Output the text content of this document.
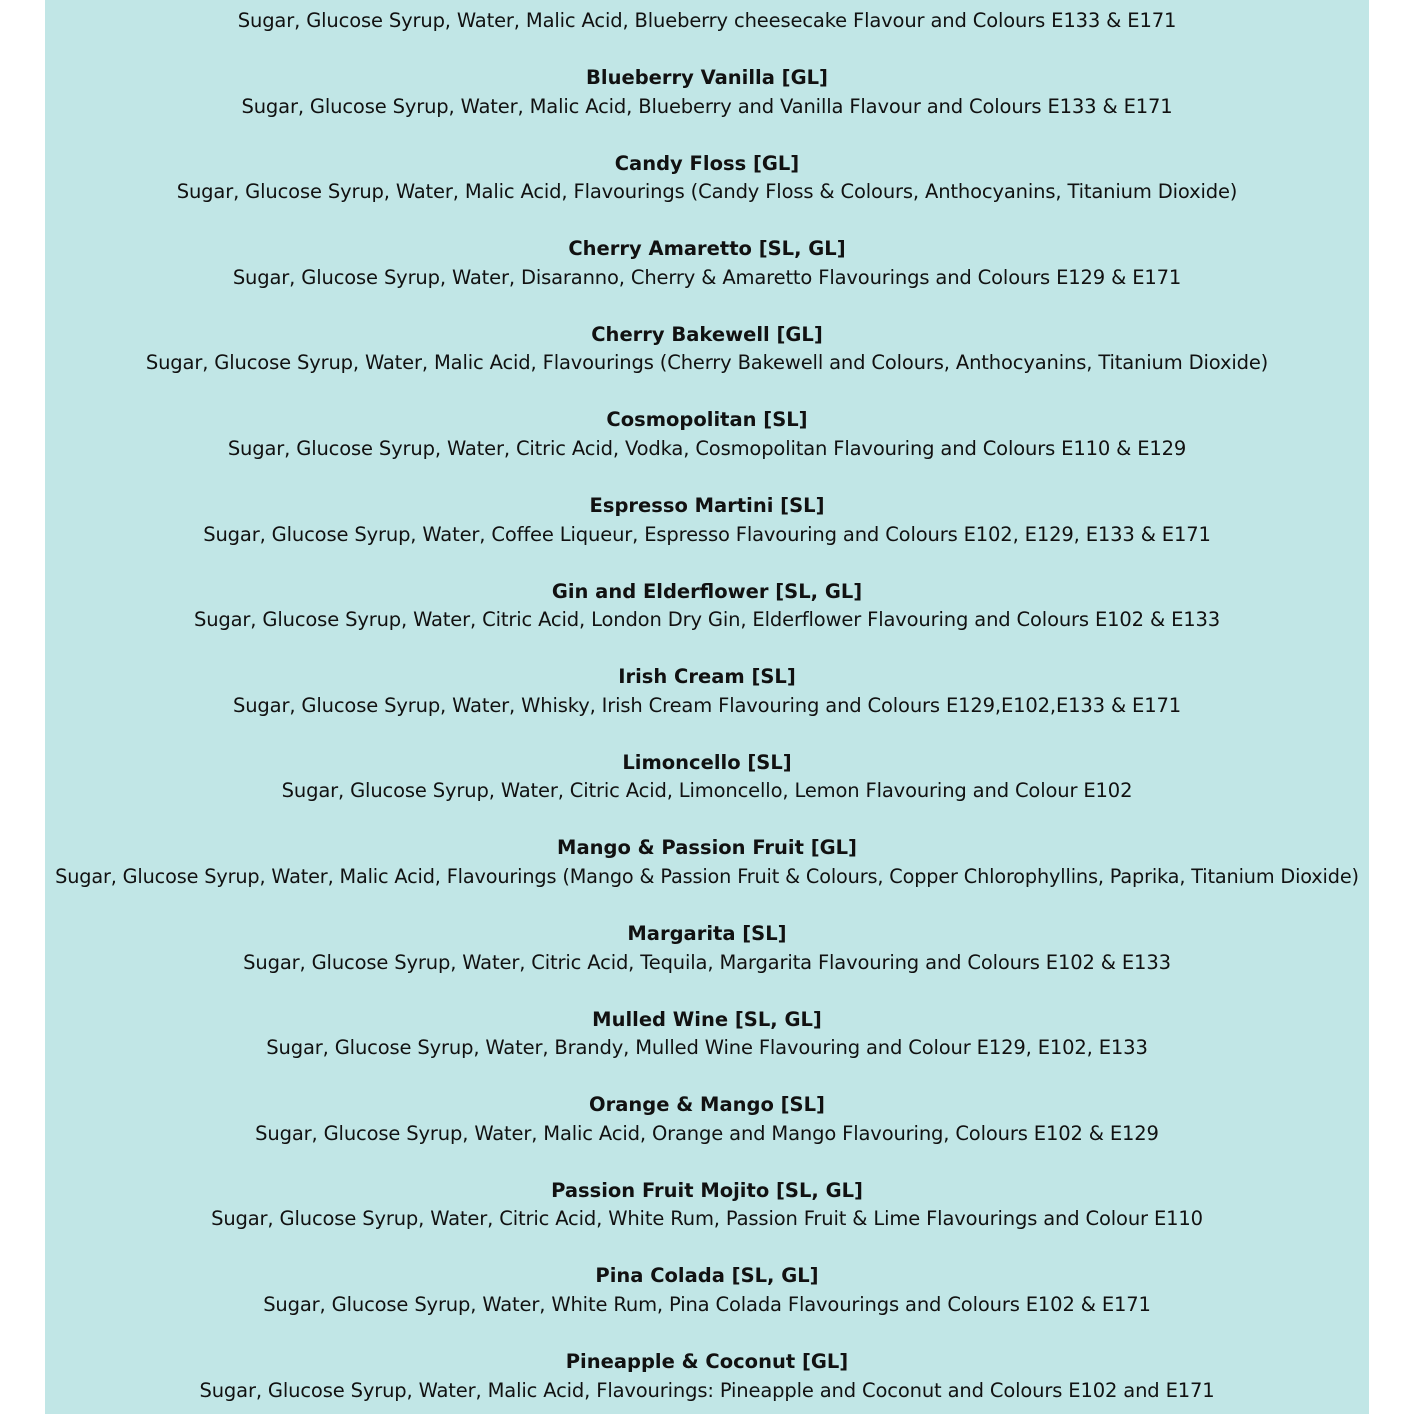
Sugar, Glucose Syrup, Water, Malic Acid, Blueberry cheesecake Flavour and Colours E133 & E171
Blueberry Vanilla [GL]
Sugar, Glucose Syrup, Water, Malic Acid, Blueberry and Vanilla Flavour and Colours E133 & E171
Candy Floss [GL]
Sugar, Glucose Syrup, Water, Malic Acid, Flavourings (Candy Floss & Colours, Anthocyanins, Titanium Dioxide)
Cherry Amaretto [SL, GL]
Sugar, Glucose Syrup, Water, Disaranno, Cherry & Amaretto Flavourings and Colours E129 & E171
Cherry Bakewell [GL]
Sugar, Glucose Syrup, Water, Malic Acid, Flavourings (Cherry Bakewell and Colours, Anthocyanins, Titanium Dioxide)
Cosmopolitan [SL]
Sugar, Glucose Syrup, Water, Citric Acid, Vodka, Cosmopolitan Flavouring and Colours E110 & E129
Espresso Martini [SL]
Sugar, Glucose Syrup, Water, Coffee Liqueur, Espresso Flavouring and Colours E102, E129, E133 & E171
Gin and Elderflower [SL, GL]
Sugar, Glucose Syrup, Water, Citric Acid, London Dry Gin, Elderflower Flavouring and Colours E102 & E133
Irish Cream [SL]
Sugar, Glucose Syrup, Water, Whisky, Irish Cream Flavouring and Colours E129,E102,E133 & E171
Limoncello [SL]
Sugar, Glucose Syrup, Water, Citric Acid, Limoncello, Lemon Flavouring and Colour E102
Mango & Passion Fruit [GL]
Sugar, Glucose Syrup, Water, Malic Acid, Flavourings (Mango & Passion Fruit & Colours, Copper Chlorophyllins, Paprika, Titanium Dioxide)
Margarita [SL]
Sugar, Glucose Syrup, Water, Citric Acid, Tequila, Margarita Flavouring and Colours E102 & E133
Mulled Wine [SL, GL]
Sugar, Glucose Syrup, Water, Brandy, Mulled Wine Flavouring and Colour E129, E102, E133
Orange & Mango [SL]
Sugar, Glucose Syrup, Water, Malic Acid, Orange and Mango Flavouring, Colours E102 & E129
Passion Fruit Mojito [SL, GL]
Sugar, Glucose Syrup, Water, Citric Acid, White Rum, Passion Fruit & Lime Flavourings and Colour E110
Pina Colada [SL, GL]
Sugar, Glucose Syrup, Water, White Rum, Pina Colada Flavourings and Colours E102 & E171
Pineapple & Coconut [GL]
Sugar, Glucose Syrup, Water, Malic Acid, Flavourings: Pineapple and Coconut and Colours E102 and E171
